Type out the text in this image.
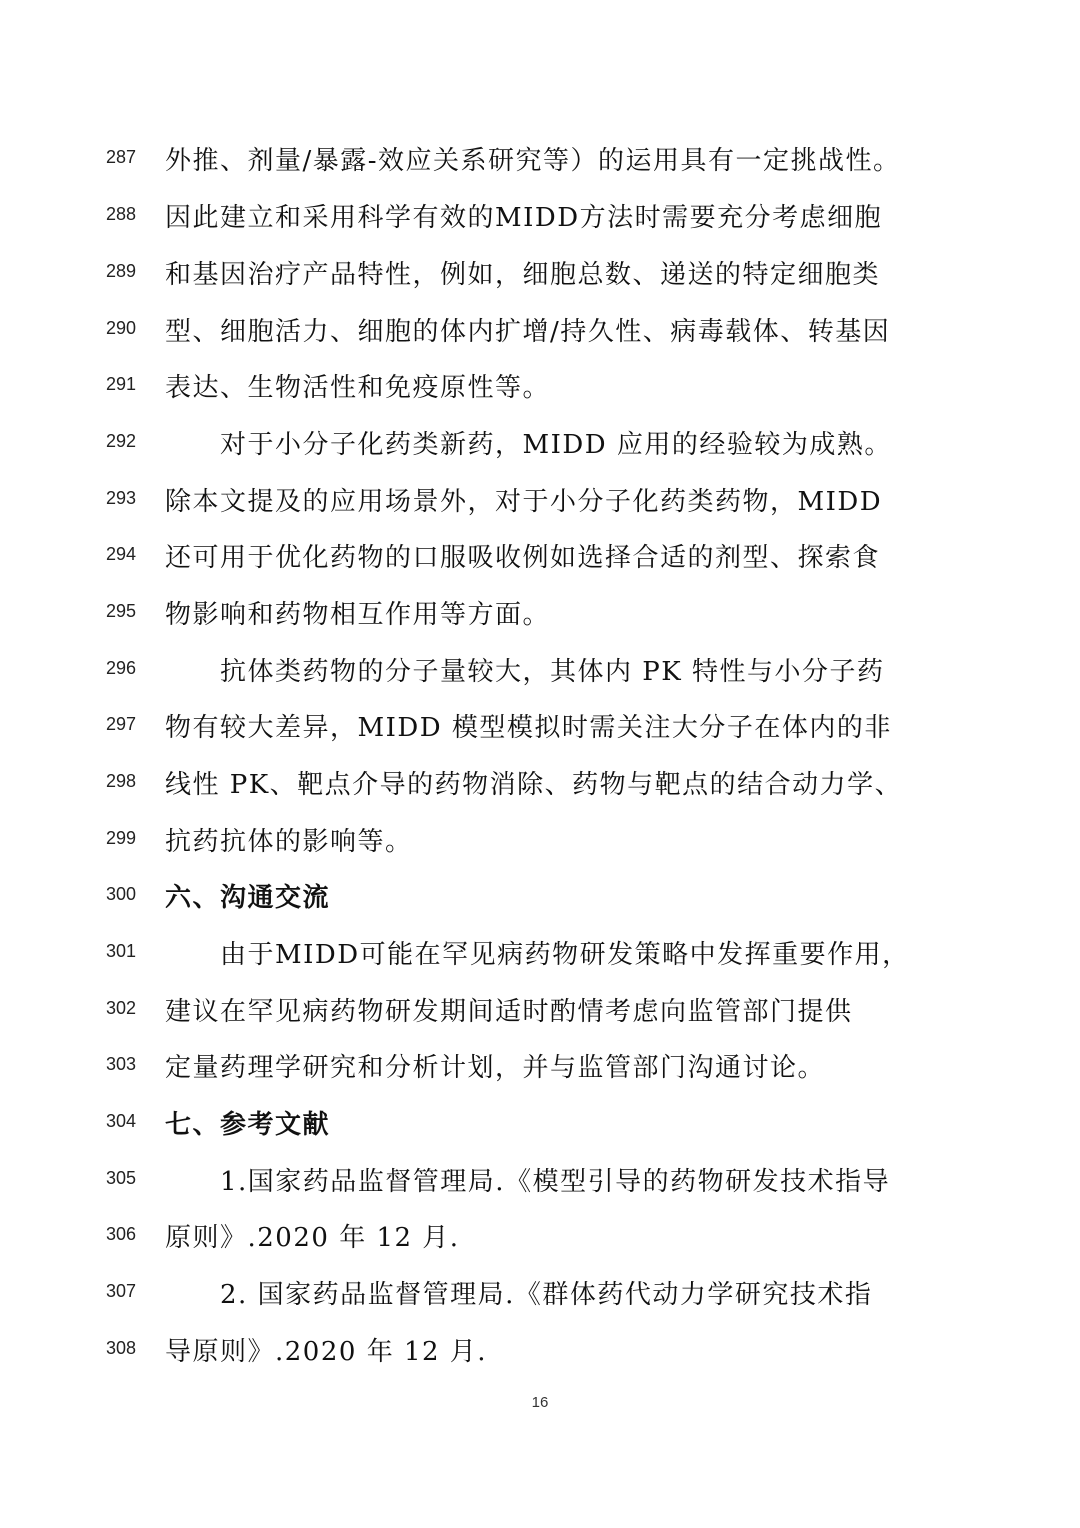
287 外推、剂量/暴露-效应关系研究等）的运用具有一定挑战性。
288 因此建立和采用科学有效的MIDD方法时需要充分考虑细胞
289 和基因治疗产品特性，例如，细胞总数、递送的特定细胞类
290 型、细胞活力、细胞的体内扩增/持久性、病毒载体、转基因
291 表达、生物活性和免疫原性等。
292	对于小分子化药类新药，MIDD 应用的经验较为成熟。
293 除本文提及的应用场景外，对于小分子化药类药物，MIDD
294 还可用于优化药物的口服吸收例如选择合适的剂型、探索食
295 物影响和药物相互作用等方面。
296	抗体类药物的分子量较大，其体内 PK 特性与小分子药
297 物有较大差异，MIDD 模型模拟时需关注大分子在体内的非
298 线性 PK、靶点介导的药物消除、药物与靶点的结合动力学、
299 抗药抗体的影响等。
300 六、沟通交流
301	由于MIDD可能在罕见病药物研发策略中发挥重要作用，
302 建议在罕见病药物研发期间适时酌情考虑向监管部门提供
303 定量药理学研究和分析计划，并与监管部门沟通讨论。
304 七、参考文献
305	1.国家药品监督管理局.《模型引导的药物研发技术指导
306 原则》.2020 年 12 月.
307	2. 国家药品监督管理局.《群体药代动力学研究技术指
308 导原则》.2020 年 12 月.
16
